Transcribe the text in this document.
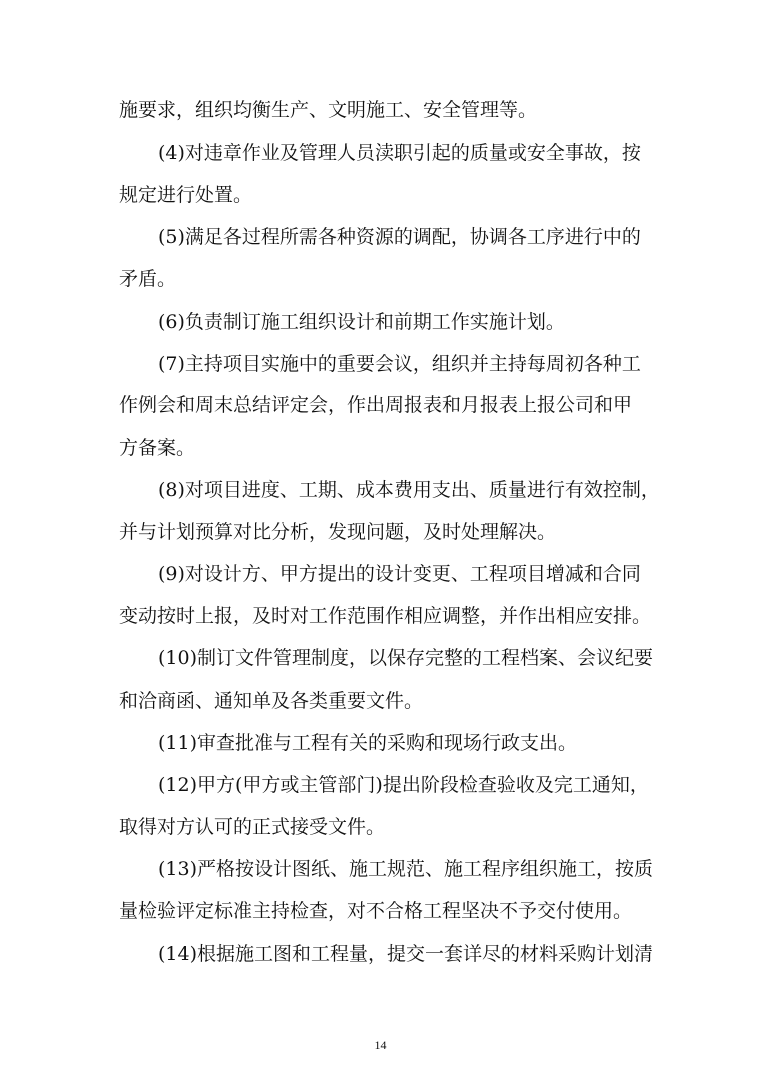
施要求，组织均衡生产、文明施工、安全管理等。
(4)对违章作业及管理人员渎职引起的质量或安全事故，按
规定进行处置。
(5)满足各过程所需各种资源的调配，协调各工序进行中的
矛盾。
(6)负责制订施工组织设计和前期工作实施计划。
(7)主持项目实施中的重要会议，组织并主持每周初各种工
作例会和周末总结评定会，作出周报表和月报表上报公司和甲
方备案。
(8)对项目进度、工期、成本费用支出、质量进行有效控制，
并与计划预算对比分析，发现问题，及时处理解决。
(9)对设计方、甲方提出的设计变更、工程项目增减和合同
变动按时上报，及时对工作范围作相应调整，并作出相应安排。
(10)制订文件管理制度，以保存完整的工程档案、会议纪要
和洽商函、通知单及各类重要文件。
(11)审查批准与工程有关的采购和现场行政支出。
(12)甲方(甲方或主管部门)提出阶段检查验收及完工通知，
取得对方认可的正式接受文件。
(13)严格按设计图纸、施工规范、施工程序组织施工，按质
量检验评定标准主持检查，对不合格工程坚决不予交付使用。
(14)根据施工图和工程量，提交一套详尽的材料采购计划清
14
